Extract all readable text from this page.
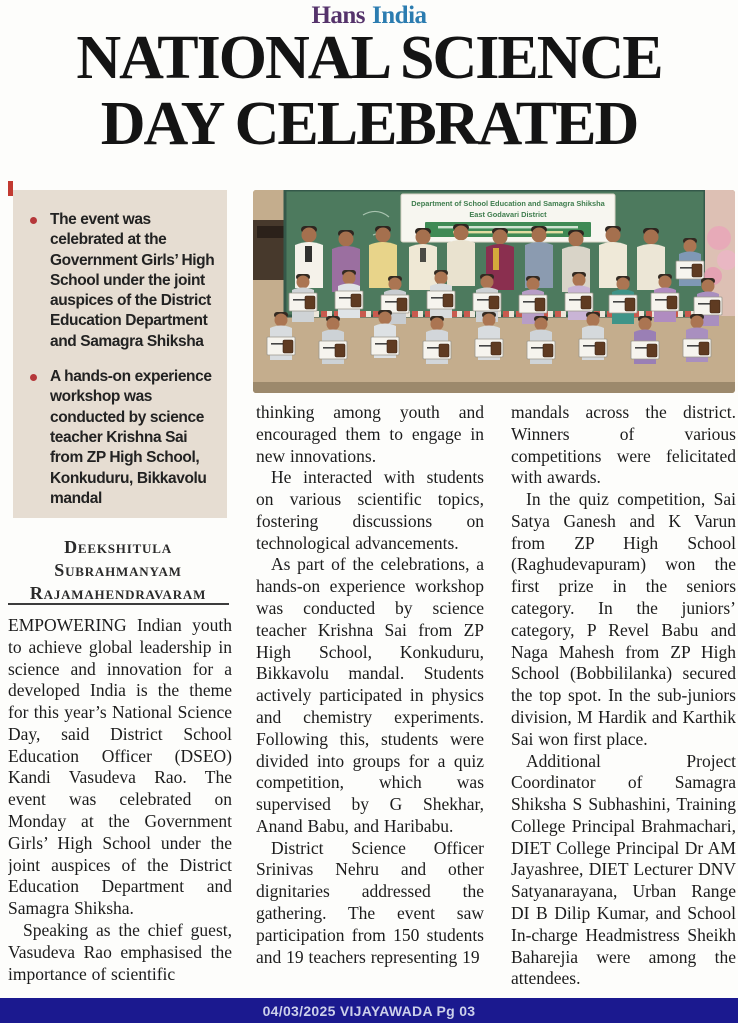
Hans India
NATIONAL SCIENCE
DAY CELEBRATED
The event was celebrated at the Government Girls’ High School under the joint auspices of the District Education Department and Samagra Shiksha
A hands-on experience workshop was conducted by science teacher Krishna Sai from ZP High School, Konkuduru, Bikkavolu mandal
Department of School Education and Samagra Shiksha
East Godavari District
Deekshitula
Subrahmanyam
Rajamahendravaram

EMPOWERING Indian youth to achieve global leadership in science and innovation for a developed India is the theme for this year’s National Science Day, said District School Education Officer (DSEO) Kandi Vasudeva Rao. The event was celebrated on Monday at the Government Girls’ High School under the joint auspices of the District Education Department and Samagra Shiksha.

Speaking as the chief guest, Vasudeva Rao emphasised the importance of scientific

thinking among youth and encouraged them to engage in new innovations.

He interacted with students on various scientific topics, fostering discussions on technological advancements.

As part of the celebrations, a hands-on experience workshop was conducted by science teacher Krishna Sai from ZP High School, Konkuduru, Bikkavolu mandal. Students actively participated in physics and chemistry experiments. Following this, students were divided into groups for a quiz competition, which was supervised by G Shekhar, Anand Babu, and Haribabu.

District Science Officer Srinivas Nehru and other dignitaries addressed the gathering. The event saw participation from 150 students and 19 teachers representing 19

mandals across the district. Winners of various competitions were felicitated with awards.

In the quiz competition, Sai Satya Ganesh and K Varun from ZP High School (Raghudevapuram) won the first prize in the seniors category. In the juniors’ category, P Revel Babu and Naga Mahesh from ZP High School (Bobbililanka) secured the top spot. In the sub-juniors division, M Hardik and Karthik Sai won first place.

Additional Project Coordinator of Samagra Shiksha S Subhashini, Training College Principal Brahmachari, DIET College Principal Dr AM Jayashree, DIET Lecturer DNV Satyanarayana, Urban Range DI B Dilip Kumar, and School In-charge Headmistress Sheikh Baharejia were among the attendees.

04/03/2025 VIJAYAWADA Pg 03
